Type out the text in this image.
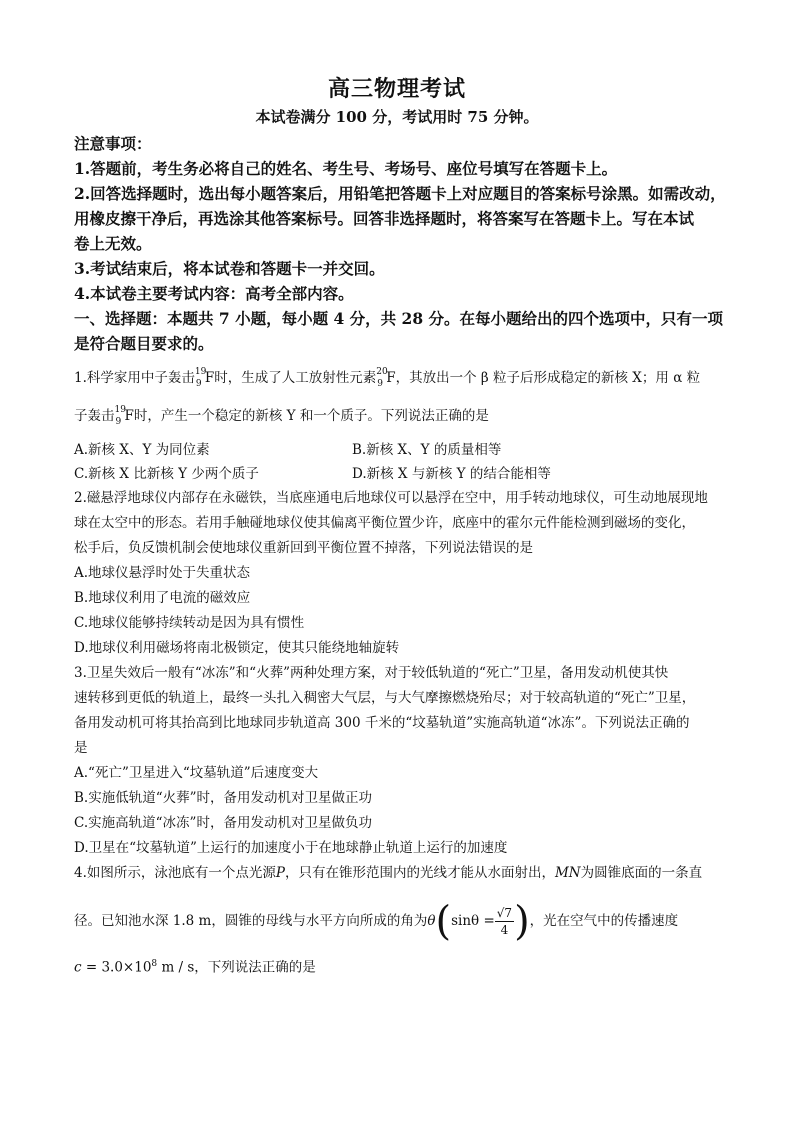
高三物理考试
本试卷满分 100 分，考试用时 75 分钟。
注意事项：
1.答题前，考生务必将自己的姓名、考生号、考场号、座位号填写在答题卡上。
2.回答选择题时，选出每小题答案后，用铅笔把答题卡上对应题目的答案标号涂黑。如需改动，
用橡皮擦干净后，再选涂其他答案标号。回答非选择题时，将答案写在答题卡上。写在本试
卷上无效。
3.考试结束后，将本试卷和答题卡一并交回。
4.本试卷主要考试内容：高考全部内容。
一、选择题：本题共 7 小题，每小题 4 分，共 28 分。在每小题给出的四个选项中，只有一项
是符合题目要求的。
1.科学家用中子轰击 19
9 F时，生成了人工放射性元素 20
9 F，其放出一个 β 粒子后形成稳定的新核 X；用 α 粒
子轰击 19
9 F时，产生一个稳定的新核 Y 和一个质子。下列说法正确的是
A.新核 X、Y 为同位素	B.新核 X、Y 的质量相等
C.新核 X 比新核 Y 少两个质子	D.新核 X 与新核 Y 的结合能相等
2.磁悬浮地球仪内部存在永磁铁，当底座通电后地球仪可以悬浮在空中，用手转动地球仪，可生动地展现地
球在太空中的形态。若用手触碰地球仪使其偏离平衡位置少许，底座中的霍尔元件能检测到磁场的变化，
松手后，负反馈机制会使地球仪重新回到平衡位置不掉落，下列说法错误的是
A.地球仪悬浮时处于失重状态
B.地球仪利用了电流的磁效应
C.地球仪能够持续转动是因为具有惯性
D.地球仪利用磁场将南北极锁定，使其只能绕地轴旋转
3.卫星失效后一般有“冰冻”和“火葬”两种处理方案，对于较低轨道的“死亡”卫星，备用发动机使其快
速转移到更低的轨道上，最终一头扎入稠密大气层，与大气摩擦燃烧殆尽；对于较高轨道的“死亡”卫星，
备用发动机可将其抬高到比地球同步轨道高 300 千米的“坟墓轨道”实施高轨道“冰冻”。下列说法正确的
是
A.“死亡”卫星进入“坟墓轨道”后速度变大
B.实施低轨道“火葬”时，备用发动机对卫星做正功
C.实施高轨道“冰冻”时，备用发动机对卫星做负功
D.卫星在“坟墓轨道”上运行的加速度小于在地球静止轨道上运行的加速度
4.如图所示，泳池底有一个点光源P，只有在锥形范围内的光线才能从水面射出，MN为圆锥底面的一条直
径。已知池水深 1.8 m，圆锥的母线与水平方向所成的角为$\theta(\sin\theta = \frac{√7}{4}$ )，光在空气中的传播速度
$c = 3.0\times 10^8$ m / s，下列说法正确的是
